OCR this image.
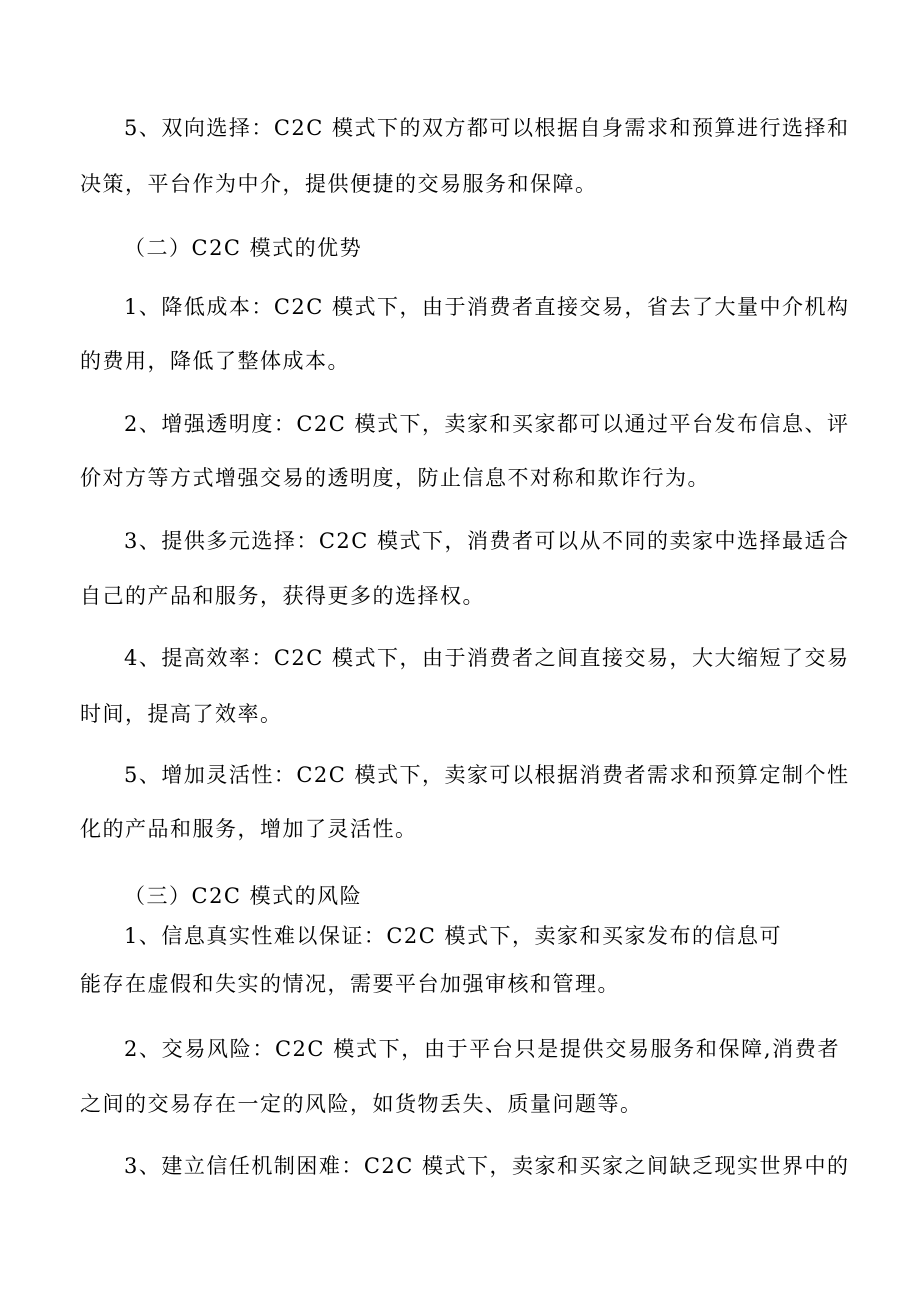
5、双向选择：C2C 模式下的双方都可以根据自身需求和预算进行选择和
决策，平台作为中介，提供便捷的交易服务和保障。
（二）C2C 模式的优势
1、降低成本：C2C 模式下，由于消费者直接交易，省去了大量中介机构
的费用，降低了整体成本。
2、增强透明度：C2C 模式下，卖家和买家都可以通过平台发布信息、评
价对方等方式增强交易的透明度，防止信息不对称和欺诈行为。
3、提供多元选择：C2C 模式下，消费者可以从不同的卖家中选择最适合
自己的产品和服务，获得更多的选择权。
4、提高效率：C2C 模式下，由于消费者之间直接交易，大大缩短了交易
时间，提高了效率。
5、增加灵活性：C2C 模式下，卖家可以根据消费者需求和预算定制个性
化的产品和服务，增加了灵活性。
（三）C2C 模式的风险
1、信息真实性难以保证：C2C 模式下，卖家和买家发布的信息可
能存在虚假和失实的情况，需要平台加强审核和管理。
2、交易风险：C2C 模式下，由于平台只是提供交易服务和保障,消费者
之间的交易存在一定的风险，如货物丢失、质量问题等。
3、建立信任机制困难：C2C 模式下，卖家和买家之间缺乏现实世界中的
